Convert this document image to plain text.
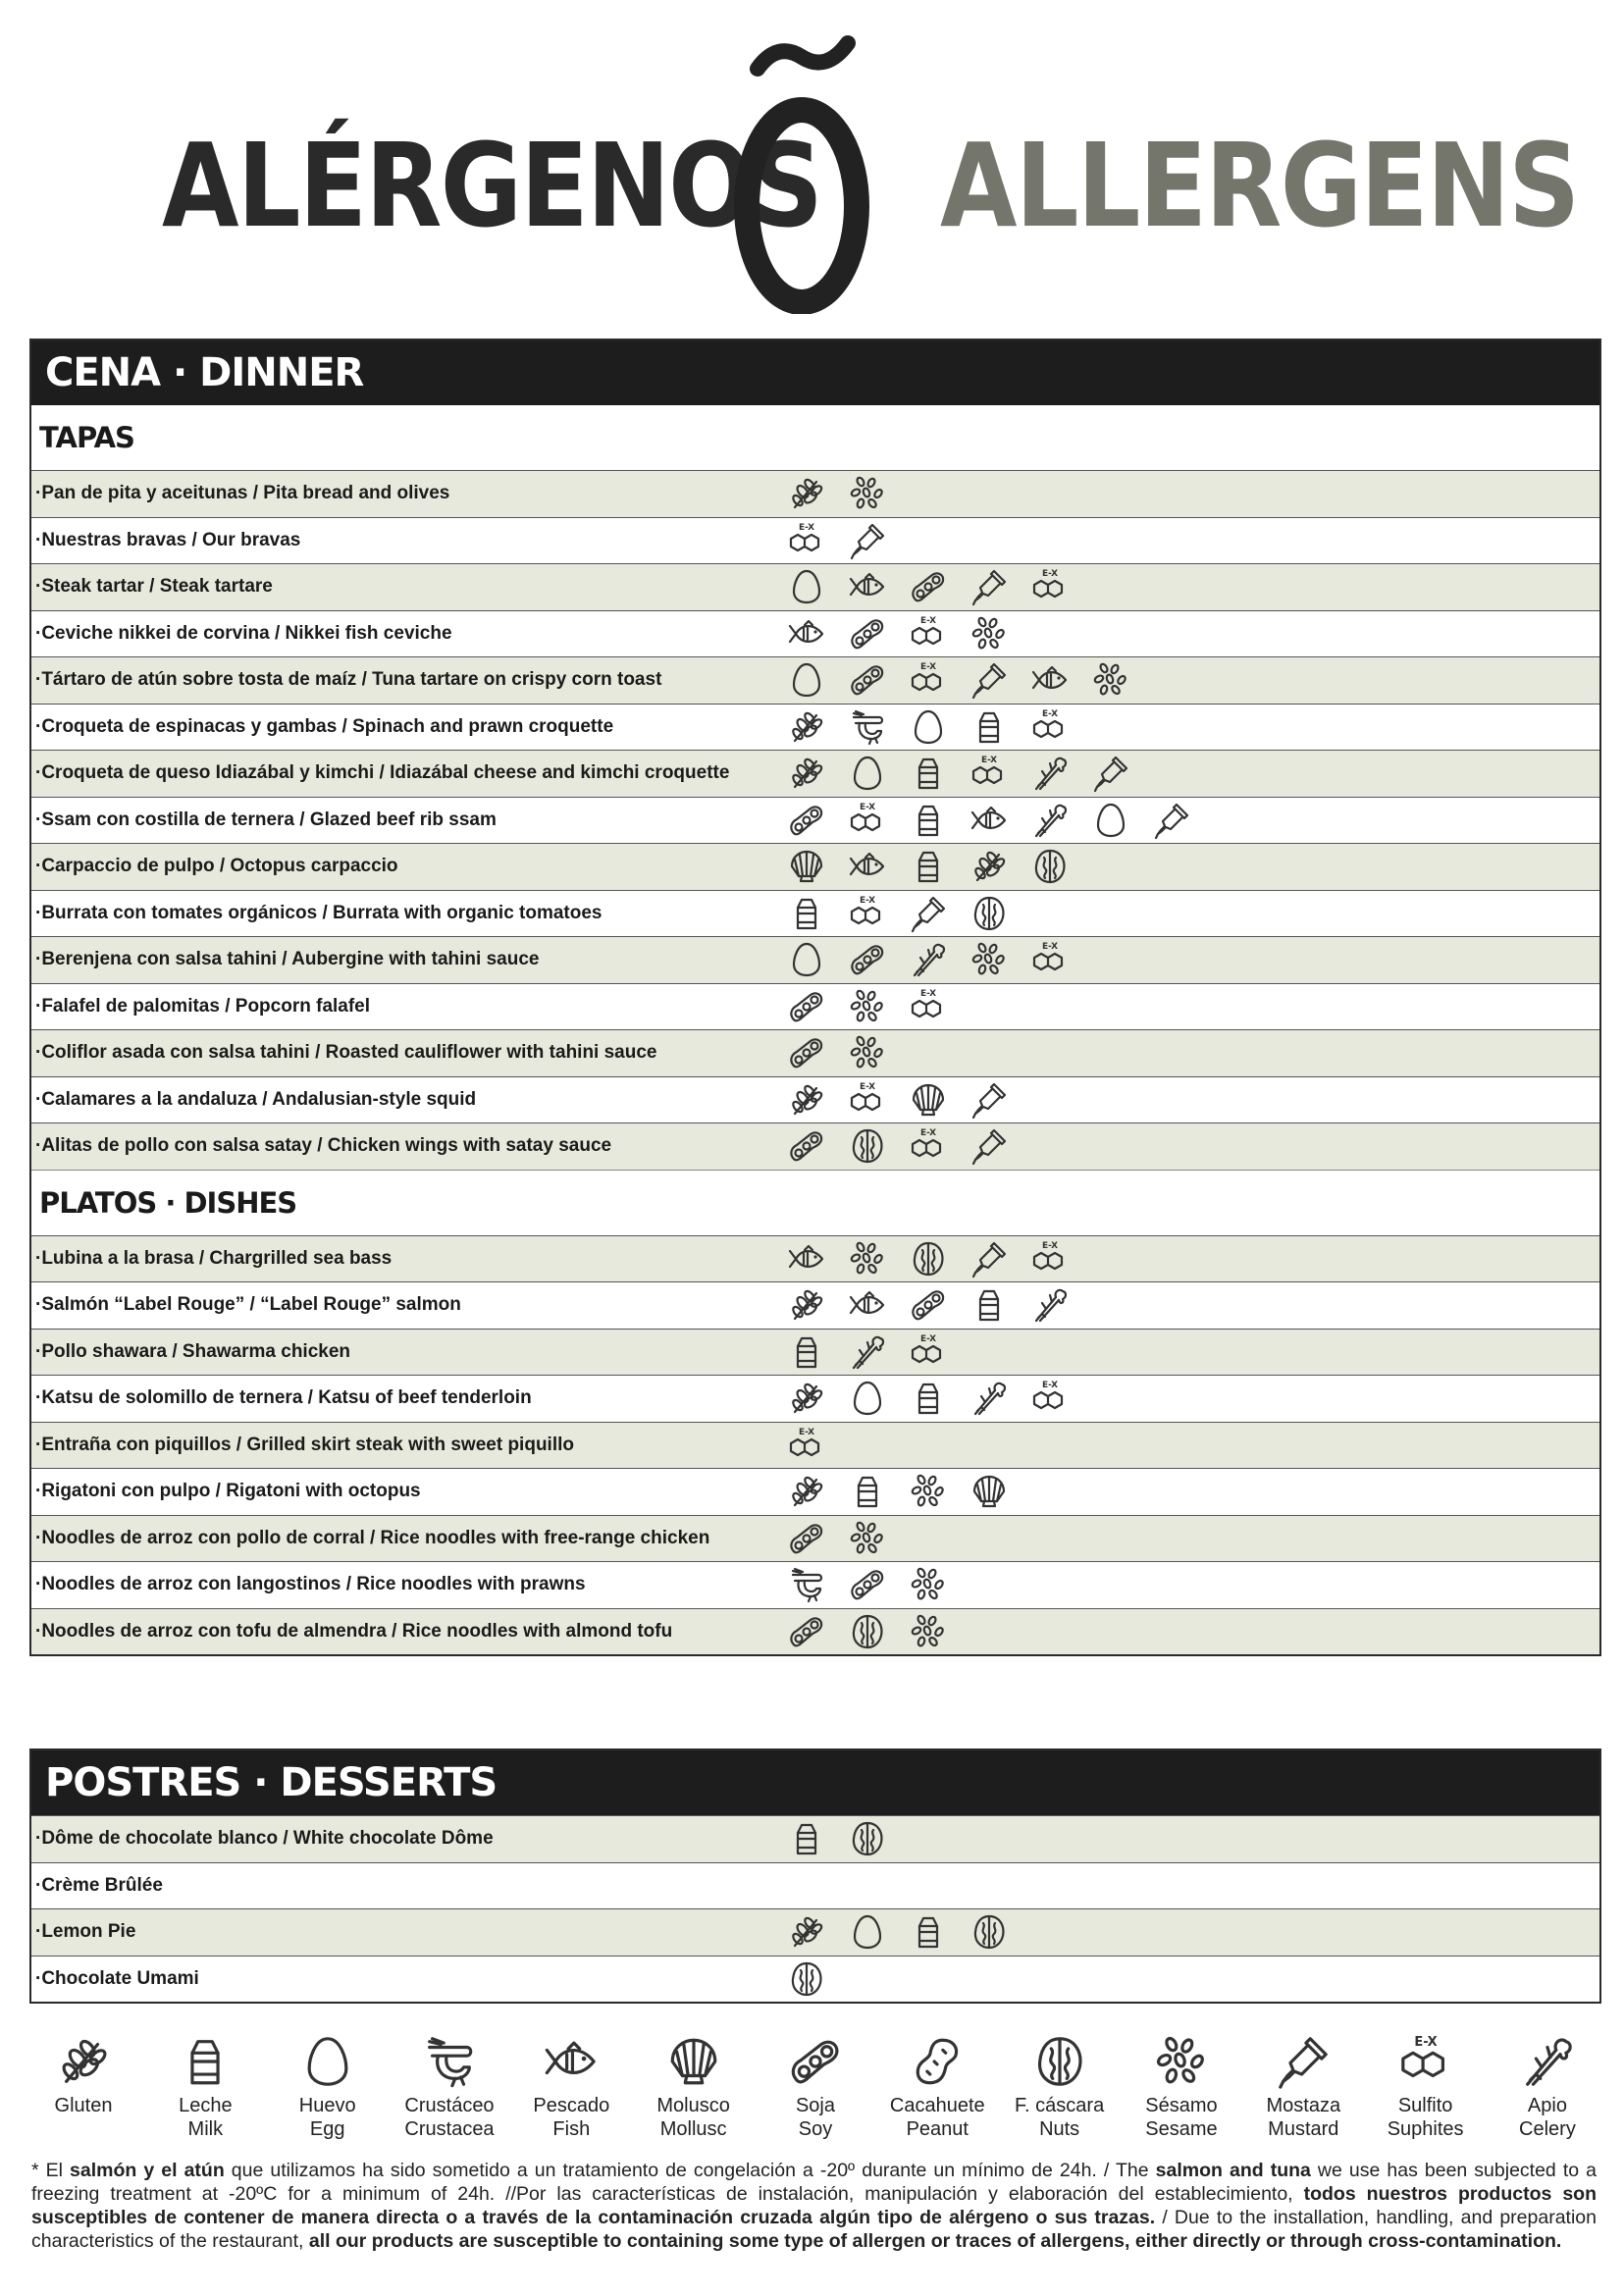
ALÉRGENOS ALLERGENS
CENA · DINNER
TAPAS
·Pan de pita y aceitunas / Pita bread and olives
·Nuestras bravas / Our bravas
E-X
·Steak tartar / Steak tartare
E-X
·Ceviche nikkei de corvina / Nikkei fish ceviche
E-X
·Tártaro de atún sobre tosta de maíz / Tuna tartare on crispy corn toast
E-X
·Croqueta de espinacas y gambas / Spinach and prawn croquette
E-X
·Croqueta de queso Idiazábal y kimchi / Idiazábal cheese and kimchi croquette
E-X
·Ssam con costilla de ternera / Glazed beef rib ssam
E-X
·Carpaccio de pulpo / Octopus carpaccio
·Burrata con tomates orgánicos / Burrata with organic tomatoes
E-X
·Berenjena con salsa tahini / Aubergine with tahini sauce
E-X
·Falafel de palomitas / Popcorn falafel
E-X
·Coliflor asada con salsa tahini / Roasted cauliflower with tahini sauce
·Calamares a la andaluza / Andalusian-style squid
E-X
·Alitas de pollo con salsa satay / Chicken wings with satay sauce
E-X
PLATOS · DISHES
·Lubina a la brasa / Chargrilled sea bass
E-X
·Salmón “Label Rouge” / “Label Rouge” salmon
·Pollo shawara / Shawarma chicken
E-X
·Katsu de solomillo de ternera / Katsu of beef tenderloin
E-X
·Entraña con piquillos / Grilled skirt steak with sweet piquillo
E-X
·Rigatoni con pulpo / Rigatoni with octopus
·Noodles de arroz con pollo de corral / Rice noodles with free-range chicken
·Noodles de arroz con langostinos / Rice noodles with prawns
·Noodles de arroz con tofu de almendra / Rice noodles with almond tofu
POSTRES · DESSERTS
·Dôme de chocolate blanco / White chocolate Dôme
·Crème Brûlée
·Lemon Pie
·Chocolate Umami
Gluten	Leche
Milk
Huevo
Egg
Crustáceo
Crustacea
Pescado
Fish
Molusco
Mollusc
Soja
Soy
Cacahuete
Peanut
F. cáscara
Nuts
Sésamo
Sesame
Mostaza
Mustard
E-X
Sulfito
Suphites
Apio
Celery
* El salmón y el atún que utilizamos ha sido sometido a un tratamiento de congelación a -20º durante un mínimo de 24h. / The salmon and tuna we use has been subjected to a freezing treatment at -20ºC for a minimum of 24h. //Por las características de instalación, manipulación y elaboración del establecimiento, todos nuestros productos son susceptibles de contener de manera directa o a través de la contaminación cruzada algún tipo de alérgeno o sus trazas. / Due to the installation, handling, and preparation characteristics of the restaurant, all our products are susceptible to containing some type of allergen or traces of allergens, either directly or through cross-contamination.
